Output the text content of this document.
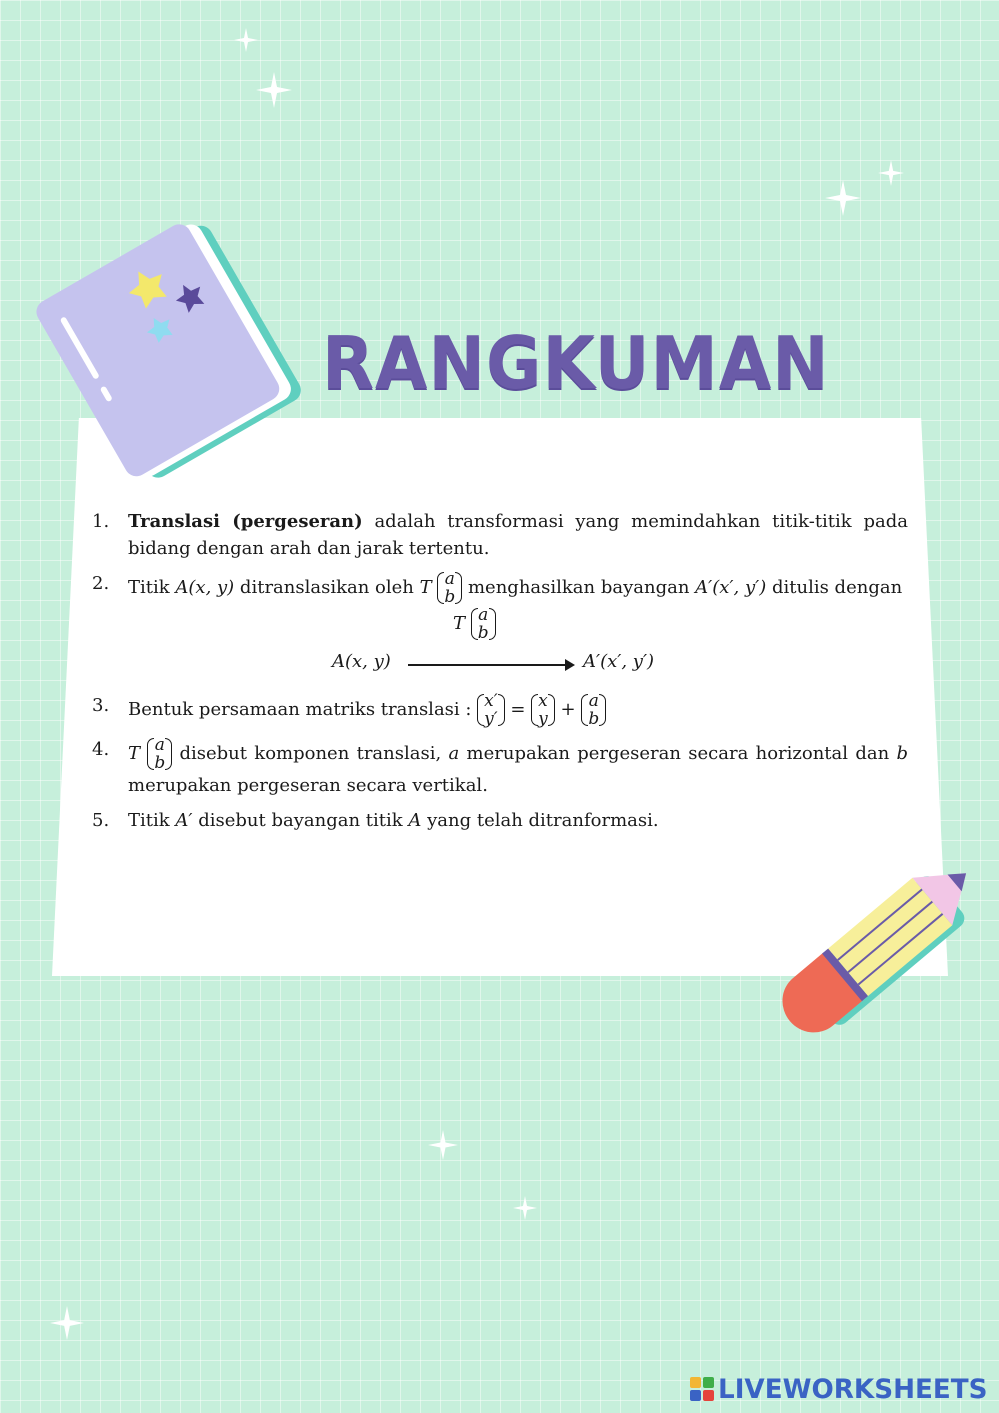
RANGKUMAN
1. Translasi (pergeseran) adalah transformasi yang memindahkan titik-titik pada bidang dengan arah dan jarak tertentu.
2. Titik A(x, y) ditranslasikan oleh T a
b menghasilkan bayangan A′(x′, y′) ditulis dengan
T a
b
A(x, y)	A′(x′, y′)
3. Bentuk persamaan matriks translasi : x′
y′ = x
y + a
b
4. T a
b disebut komponen translasi, a merupakan pergeseran secara horizontal dan b merupakan pergeseran secara vertikal.
5. Titik A′ disebut bayangan titik A yang telah ditranformasi.
LIVEWORKSHEETS
